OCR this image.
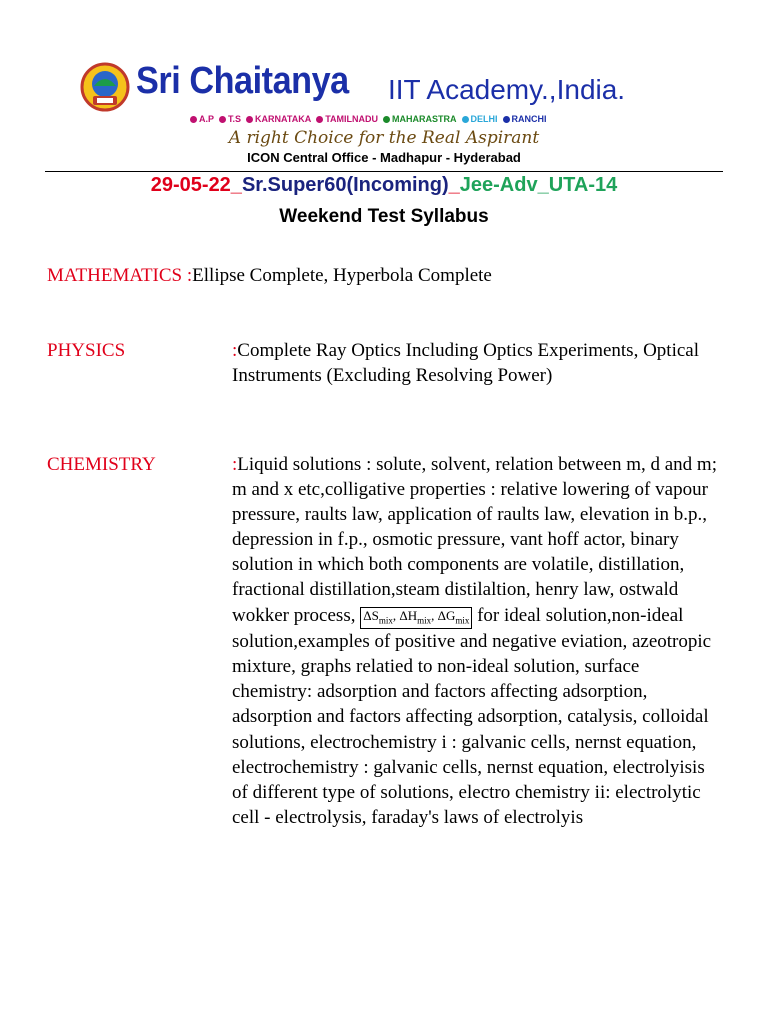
Sri Chaitanya IIT Academy.,India.
A.P T.S KARNATAKA TAMILNADU MAHARASTRA DELHI RANCHI
A right Choice for the Real Aspirant
ICON Central Office - Madhapur - Hyderabad
29-05-22_Sr.Super60(Incoming)_Jee-Adv_UTA-14
Weekend Test Syllabus
MATHEMATICS :Ellipse Complete, Hyperbola Complete
PHYSICS	:Complete Ray Optics Including Optics Experiments, Optical Instruments (Excluding Resolving Power)
CHEMISTRY	:Liquid solutions : solute, solvent, relation between m, d and m; m and x etc,colligative properties : relative lowering of vapour pressure, raults law, application of raults law, elevation in b.p., depression in f.p., osmotic pressure, vant hoff actor, binary solution in which both components are volatile, distillation, fractional distillation,steam distilaltion, henry law, ostwald wokker process, $\Delta S_{mix}$, $\Delta H_{mix}$, $\Delta G_{mix}$ for ideal solution,non-ideal solution,examples of positive and negative eviation, azeotropic mixture, graphs relatied to non-ideal solution, surface chemistry: adsorption and factors affecting adsorption, adsorption and factors affecting adsorption, catalysis, colloidal solutions, electrochemistry i : galvanic cells, nernst equation, electrochemistry : galvanic cells, nernst equation, electrolyisis of different type of solutions, electro chemistry ii: electrolytic cell - electrolysis, faraday's laws of electrolyis
